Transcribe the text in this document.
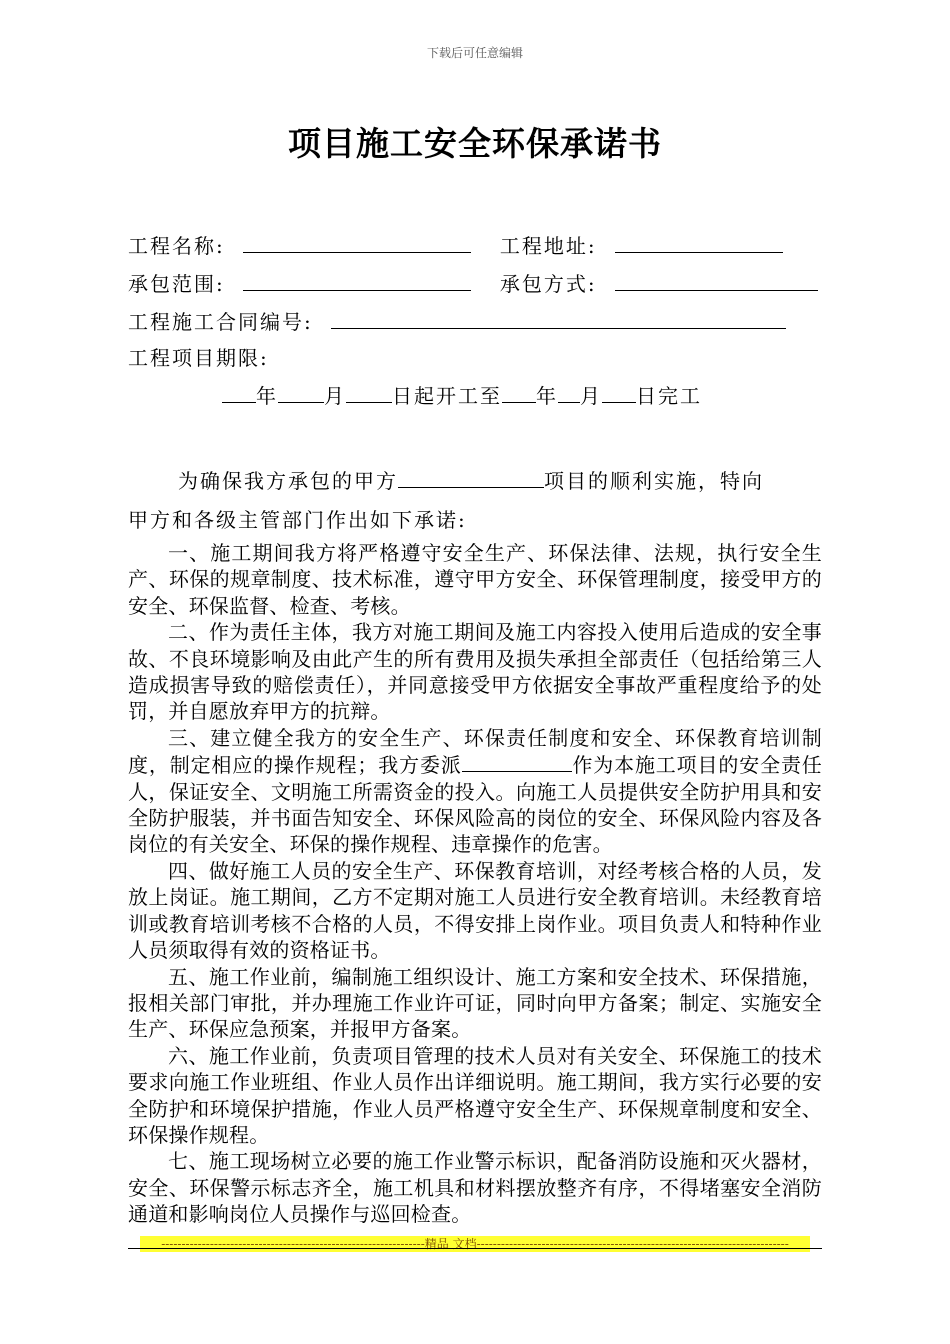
下载后可任意编辑
项目施工安全环保承诺书
工程名称:	工程地址:
承包范围:	承包方式:
工程施工合同编号:
工程项目期限:
年 月 日起开工至 年 月 日完工
为确保我方承包的甲方	项目的顺利实施，特向
甲方和各级主管部门作出如下承诺:

一、施工期间我方将严格遵守安全生产、环保法律、法规，执行安全生产、环保的规章制度、技术标准，遵守甲方安全、环保管理制度，接受甲方的安全、环保监督、检查、考核。

二、作为责任主体，我方对施工期间及施工内容投入使用后造成的安全事故、不良环境影响及由此产生的所有费用及损失承担全部责任（包括给第三人造成损害导致的赔偿责任），并同意接受甲方依据安全事故严重程度给予的处罚，并自愿放弃甲方的抗辩。

三、建立健全我方的安全生产、环保责任制度和安全、环保教育培训制度，制定相应的操作规程；我方委派	作为本施工项目的安全责任人，保证安全、文明施工所需资金的投入。向施工人员提供安全防护用具和安全防护服装，并书面告知安全、环保风险高的岗位的安全、环保风险内容及各岗位的有关安全、环保的操作规程、违章操作的危害。

四、做好施工人员的安全生产、环保教育培训，对经考核合格的人员，发放上岗证。施工期间，乙方不定期对施工人员进行安全教育培训。未经教育培训或教育培训考核不合格的人员，不得安排上岗作业。项目负责人和特种作业人员须取得有效的资格证书。

五、施工作业前，编制施工组织设计、施工方案和安全技术、环保措施，报相关部门审批，并办理施工作业许可证，同时向甲方备案；制定、实施安全生产、环保应急预案，并报甲方备案。

六、施工作业前，负责项目管理的技术人员对有关安全、环保施工的技术要求向施工作业班组、作业人员作出详细说明。施工期间，我方实行必要的安全防护和环境保护措施，作业人员严格遵守安全生产、环保规章制度和安全、环保操作规程。

七、施工现场树立必要的施工作业警示标识，配备消防设施和灭火器材，安全、环保警示标志齐全，施工机具和材料摆放整齐有序，不得堵塞安全消防通道和影响岗位人员操作与巡回检查。

-----------------------------------------------------------------精品 文档-----------------------------------------------------------------------------
